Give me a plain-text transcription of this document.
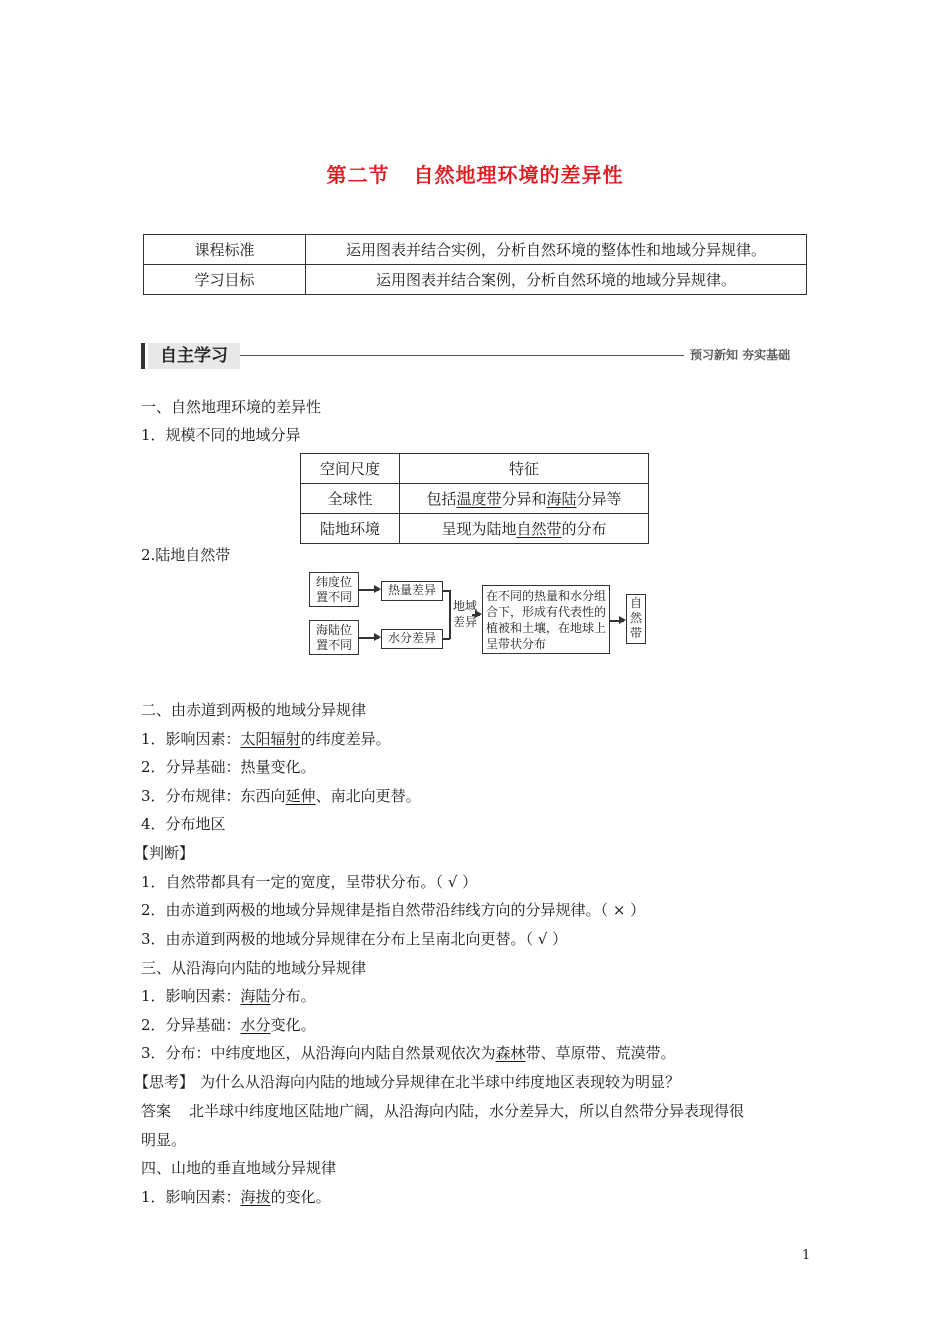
第二节 自然地理环境的差异性
课程标准	运用图表并结合实例，分析自然环境的整体性和地域分异规律。
学习目标	运用图表并结合案例，分析自然环境的地域分异规律。
自主学习	预习新知 夯实基础
一、自然地理环境的差异性
1．规模不同的地域分异
空间尺度	特征
全球性	包括温度带分异和海陆分异等
陆地环境	呈现为陆地自然带的分布
2.陆地自然带
纬度位置不同	热量差异
海陆位置不同	水分差异
地域差异
在不同的热量和水分组合下，形成有代表性的植被和土壤，在地球上呈带状分布
自然带
二、由赤道到两极的地域分异规律
1．影响因素：太阳辐射的纬度差异。
2．分异基础：热量变化。
3．分布规律：东西向延伸、南北向更替。
4．分布地区
【判断】
1．自然带都具有一定的宽度，呈带状分布。（ √ ）
2．由赤道到两极的地域分异规律是指自然带沿纬线方向的分异规律。（ × ）
3．由赤道到两极的地域分异规律在分布上呈南北向更替。（ √ ）
三、从沿海向内陆的地域分异规律
1．影响因素：海陆分布。
2．分异基础：水分变化。
3．分布：中纬度地区，从沿海向内陆自然景观依次为森林带、草原带、荒漠带。
【思考】 为什么从沿海向内陆的地域分异规律在北半球中纬度地区表现较为明显？
答案 北半球中纬度地区陆地广阔，从沿海向内陆，水分差异大，所以自然带分异表现得很
明显。
四、山地的垂直地域分异规律
1．影响因素：海拔的变化。
1
